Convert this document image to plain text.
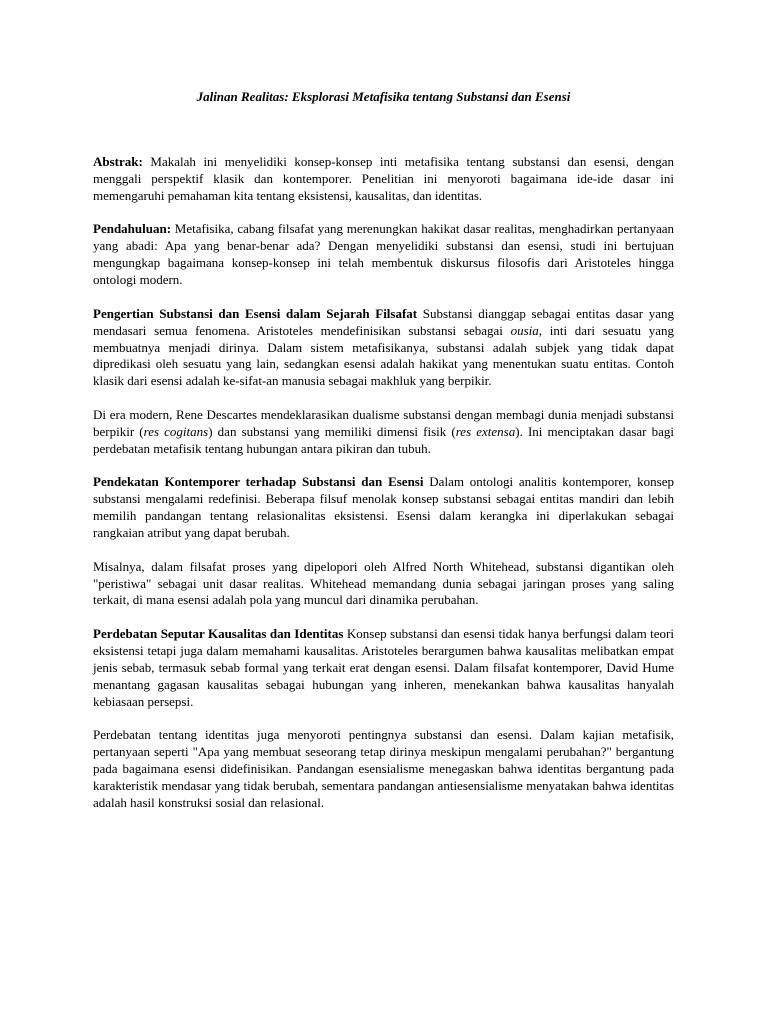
Jalinan Realitas: Eksplorasi Metafisika tentang Substansi dan Esensi

Abstrak: Makalah ini menyelidiki konsep-konsep inti metafisika tentang substansi dan esensi, dengan menggali perspektif klasik dan kontemporer. Penelitian ini menyoroti bagaimana ide-ide dasar ini memengaruhi pemahaman kita tentang eksistensi, kausalitas, dan identitas.

Pendahuluan: Metafisika, cabang filsafat yang merenungkan hakikat dasar realitas, menghadirkan pertanyaan yang abadi: Apa yang benar-benar ada? Dengan menyelidiki substansi dan esensi, studi ini bertujuan mengungkap bagaimana konsep-konsep ini telah membentuk diskursus filosofis dari Aristoteles hingga ontologi modern.

Pengertian Substansi dan Esensi dalam Sejarah Filsafat Substansi dianggap sebagai entitas dasar yang mendasari semua fenomena. Aristoteles mendefinisikan substansi sebagai ousia, inti dari sesuatu yang membuatnya menjadi dirinya. Dalam sistem metafisikanya, substansi adalah subjek yang tidak dapat dipredikasi oleh sesuatu yang lain, sedangkan esensi adalah hakikat yang menentukan suatu entitas. Contoh klasik dari esensi adalah ke-sifat-an manusia sebagai makhluk yang berpikir.

Di era modern, Rene Descartes mendeklarasikan dualisme substansi dengan membagi dunia menjadi substansi berpikir (res cogitans) dan substansi yang memiliki dimensi fisik (res extensa). Ini menciptakan dasar bagi perdebatan metafisik tentang hubungan antara pikiran dan tubuh.

Pendekatan Kontemporer terhadap Substansi dan Esensi Dalam ontologi analitis kontemporer, konsep substansi mengalami redefinisi. Beberapa filsuf menolak konsep substansi sebagai entitas mandiri dan lebih memilih pandangan tentang relasionalitas eksistensi. Esensi dalam kerangka ini diperlakukan sebagai rangkaian atribut yang dapat berubah.

Misalnya, dalam filsafat proses yang dipelopori oleh Alfred North Whitehead, substansi digantikan oleh "peristiwa" sebagai unit dasar realitas. Whitehead memandang dunia sebagai jaringan proses yang saling terkait, di mana esensi adalah pola yang muncul dari dinamika perubahan.

Perdebatan Seputar Kausalitas dan Identitas Konsep substansi dan esensi tidak hanya berfungsi dalam teori eksistensi tetapi juga dalam memahami kausalitas. Aristoteles berargumen bahwa kausalitas melibatkan empat jenis sebab, termasuk sebab formal yang terkait erat dengan esensi. Dalam filsafat kontemporer, David Hume menantang gagasan kausalitas sebagai hubungan yang inheren, menekankan bahwa kausalitas hanyalah kebiasaan persepsi.

Perdebatan tentang identitas juga menyoroti pentingnya substansi dan esensi. Dalam kajian metafisik, pertanyaan seperti "Apa yang membuat seseorang tetap dirinya meskipun mengalami perubahan?" bergantung pada bagaimana esensi didefinisikan. Pandangan esensialisme menegaskan bahwa identitas bergantung pada karakteristik mendasar yang tidak berubah, sementara pandangan antiesensialisme menyatakan bahwa identitas adalah hasil konstruksi sosial dan relasional.
